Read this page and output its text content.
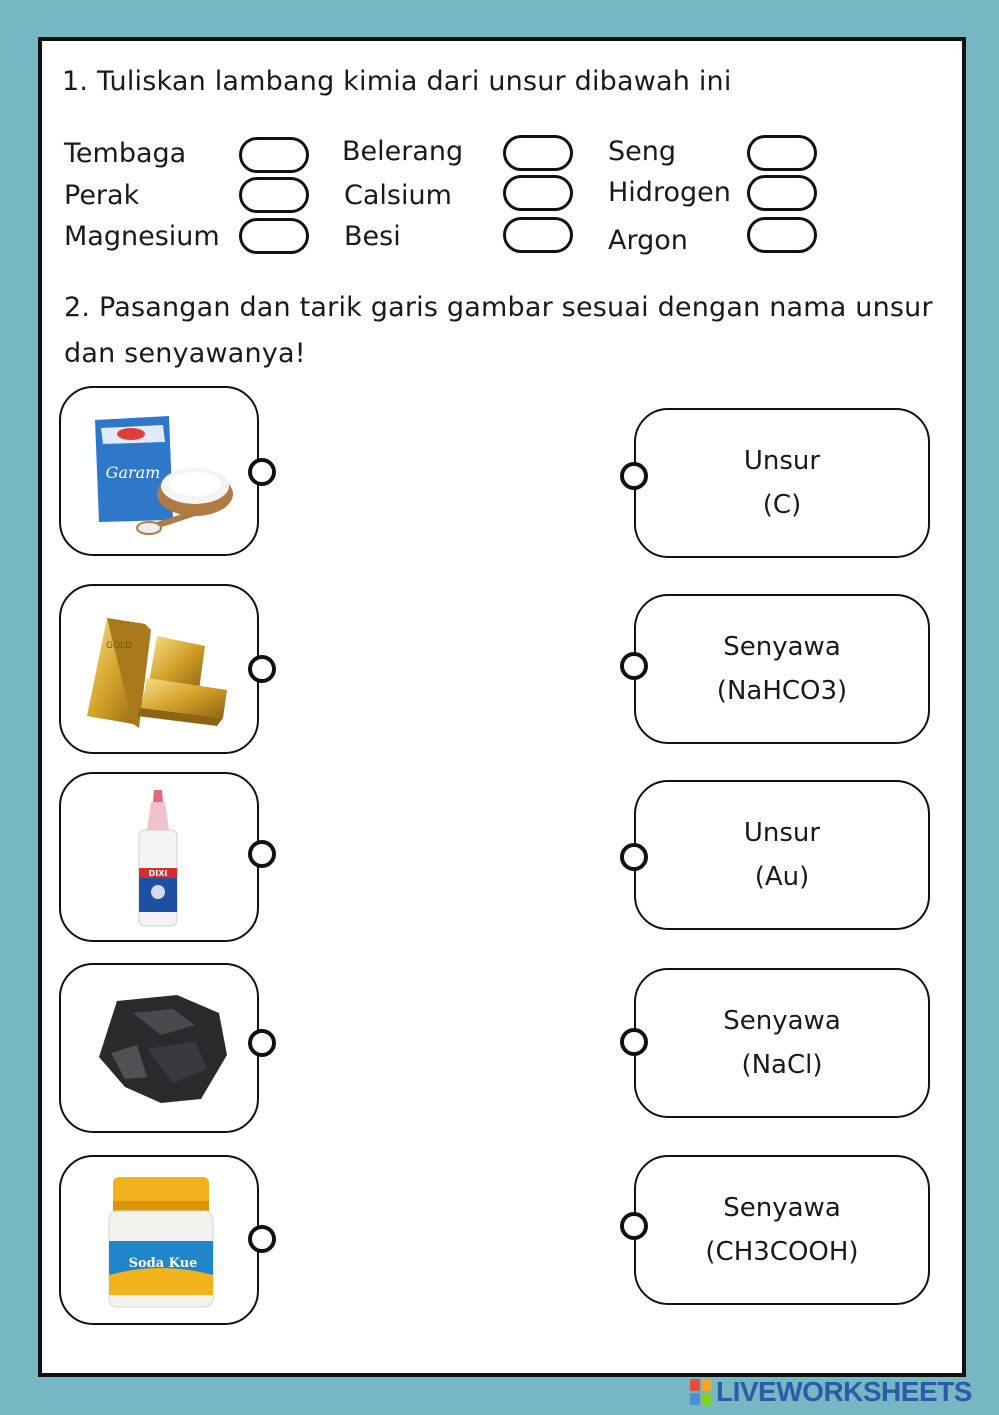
1. Tuliskan lambang kimia dari unsur dibawah ini
Tembaga
Perak
Magnesium
Belerang
Calsium
Besi
Seng
Hidrogen
Argon
2. Pasangan dan tarik garis gambar sesuai dengan nama unsur
dan senyawanya!
Garam
GOLD
DIXI
Soda Kue
Unsur
(C)
Senyawa
(NaHCO3)
Unsur
(Au)
Senyawa
(NaCl)
Senyawa
(CH3COOH)
LIVEWORKSHEETS
